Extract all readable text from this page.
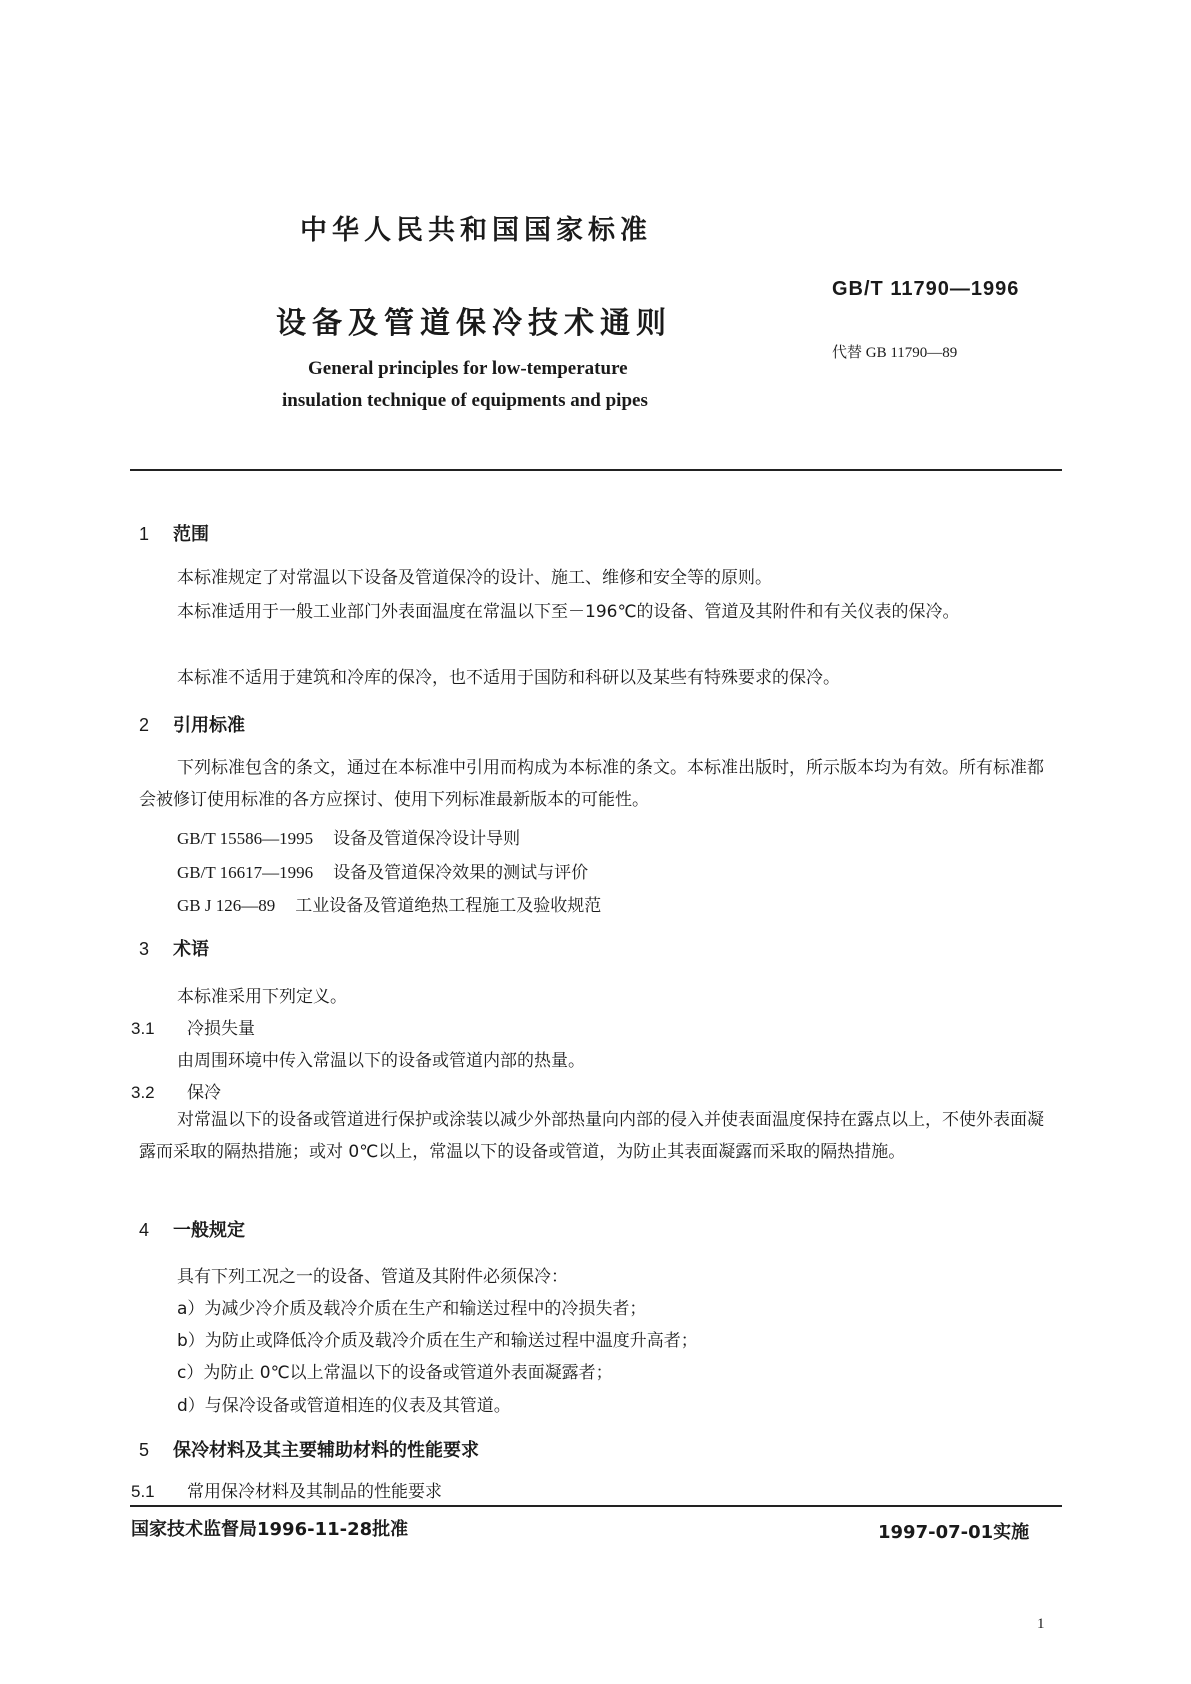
中华人民共和国国家标准
设备及管道保冷技术通则
GB/T 11790—1996
代替 GB 11790—89
General principles for low-temperature
insulation technique of equipments and pipes
1 范围
本标准规定了对常温以下设备及管道保冷的设计、施工、维修和安全等的原则。
本标准适用于一般工业部门外表面温度在常温以下至－196℃的设备、管道及其附件和有关仪表的保冷。
本标准不适用于建筑和冷库的保冷，也不适用于国防和科研以及某些有特殊要求的保冷。
2 引用标准
下列标准包含的条文，通过在本标准中引用而构成为本标准的条文。本标准出版时，所示版本均为有效。所有标准都会被修订使用标准的各方应探讨、使用下列标准最新版本的可能性。
GB/T 15586—1995 设备及管道保冷设计导则
GB/T 16617—1996 设备及管道保冷效果的测试与评价
GB J 126—89 工业设备及管道绝热工程施工及验收规范
3 术语
本标准采用下列定义。
3.1 冷损失量
由周围环境中传入常温以下的设备或管道内部的热量。
3.2 保冷
对常温以下的设备或管道进行保护或涂装以减少外部热量向内部的侵入并使表面温度保持在露点以上，不使外表面凝露而采取的隔热措施；或对 0℃以上，常温以下的设备或管道，为防止其表面凝露而采取的隔热措施。
4 一般规定
具有下列工况之一的设备、管道及其附件必须保冷：
a）为减少冷介质及载冷介质在生产和输送过程中的冷损失者；
b）为防止或降低冷介质及载冷介质在生产和输送过程中温度升高者；
c）为防止 0℃以上常温以下的设备或管道外表面凝露者；
d）与保冷设备或管道相连的仪表及其管道。
5 保冷材料及其主要辅助材料的性能要求
5.1 常用保冷材料及其制品的性能要求
国家技术监督局1996-11-28批准	1997-07-01实施
1
